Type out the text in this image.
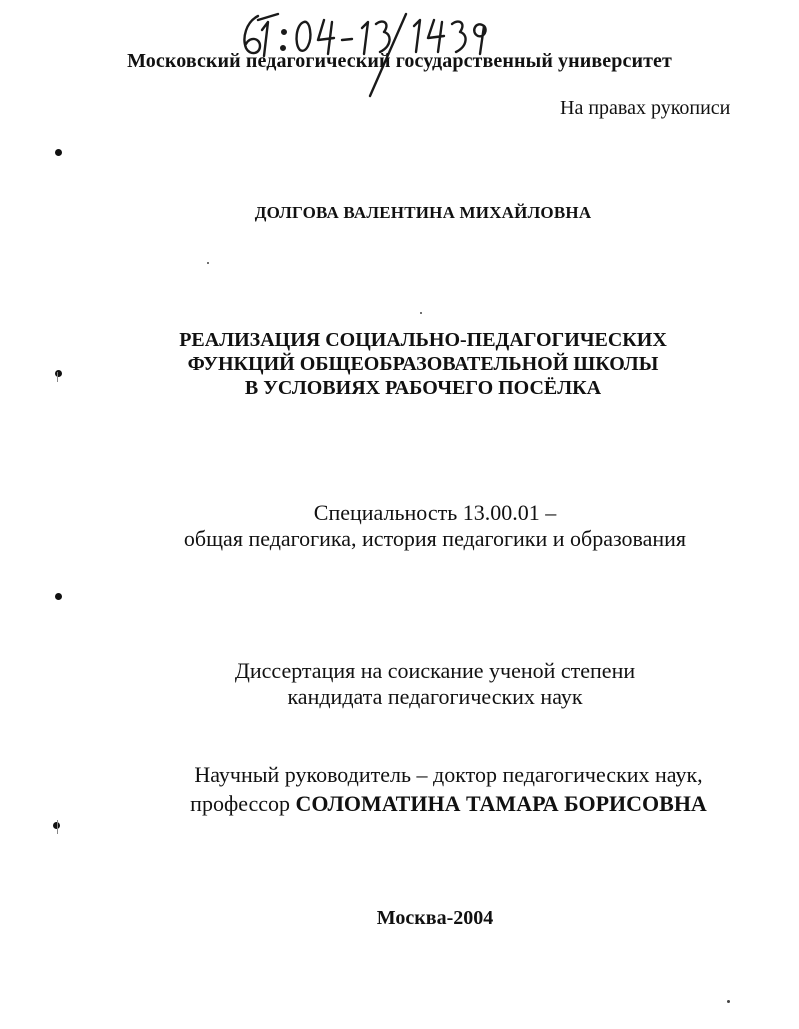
Московский педагогический государственный университет
На правах рукописи
ДОЛГОВА ВАЛЕНТИНА МИХАЙЛОВНА
РЕАЛИЗАЦИЯ СОЦИАЛЬНО-ПЕДАГОГИЧЕСКИХ
ФУНКЦИЙ ОБЩЕОБРАЗОВАТЕЛЬНОЙ ШКОЛЫ
В УСЛОВИЯХ РАБОЧЕГО ПОСЁЛКА
Специальность 13.00.01 –
общая педагогика, история педагогики и образования
Диссертация на соискание ученой степени
кандидата педагогических наук
Научный руководитель – доктор педагогических наук,
профессор СОЛОМАТИНА ТАМАРА БОРИСОВНА
Москва-2004
